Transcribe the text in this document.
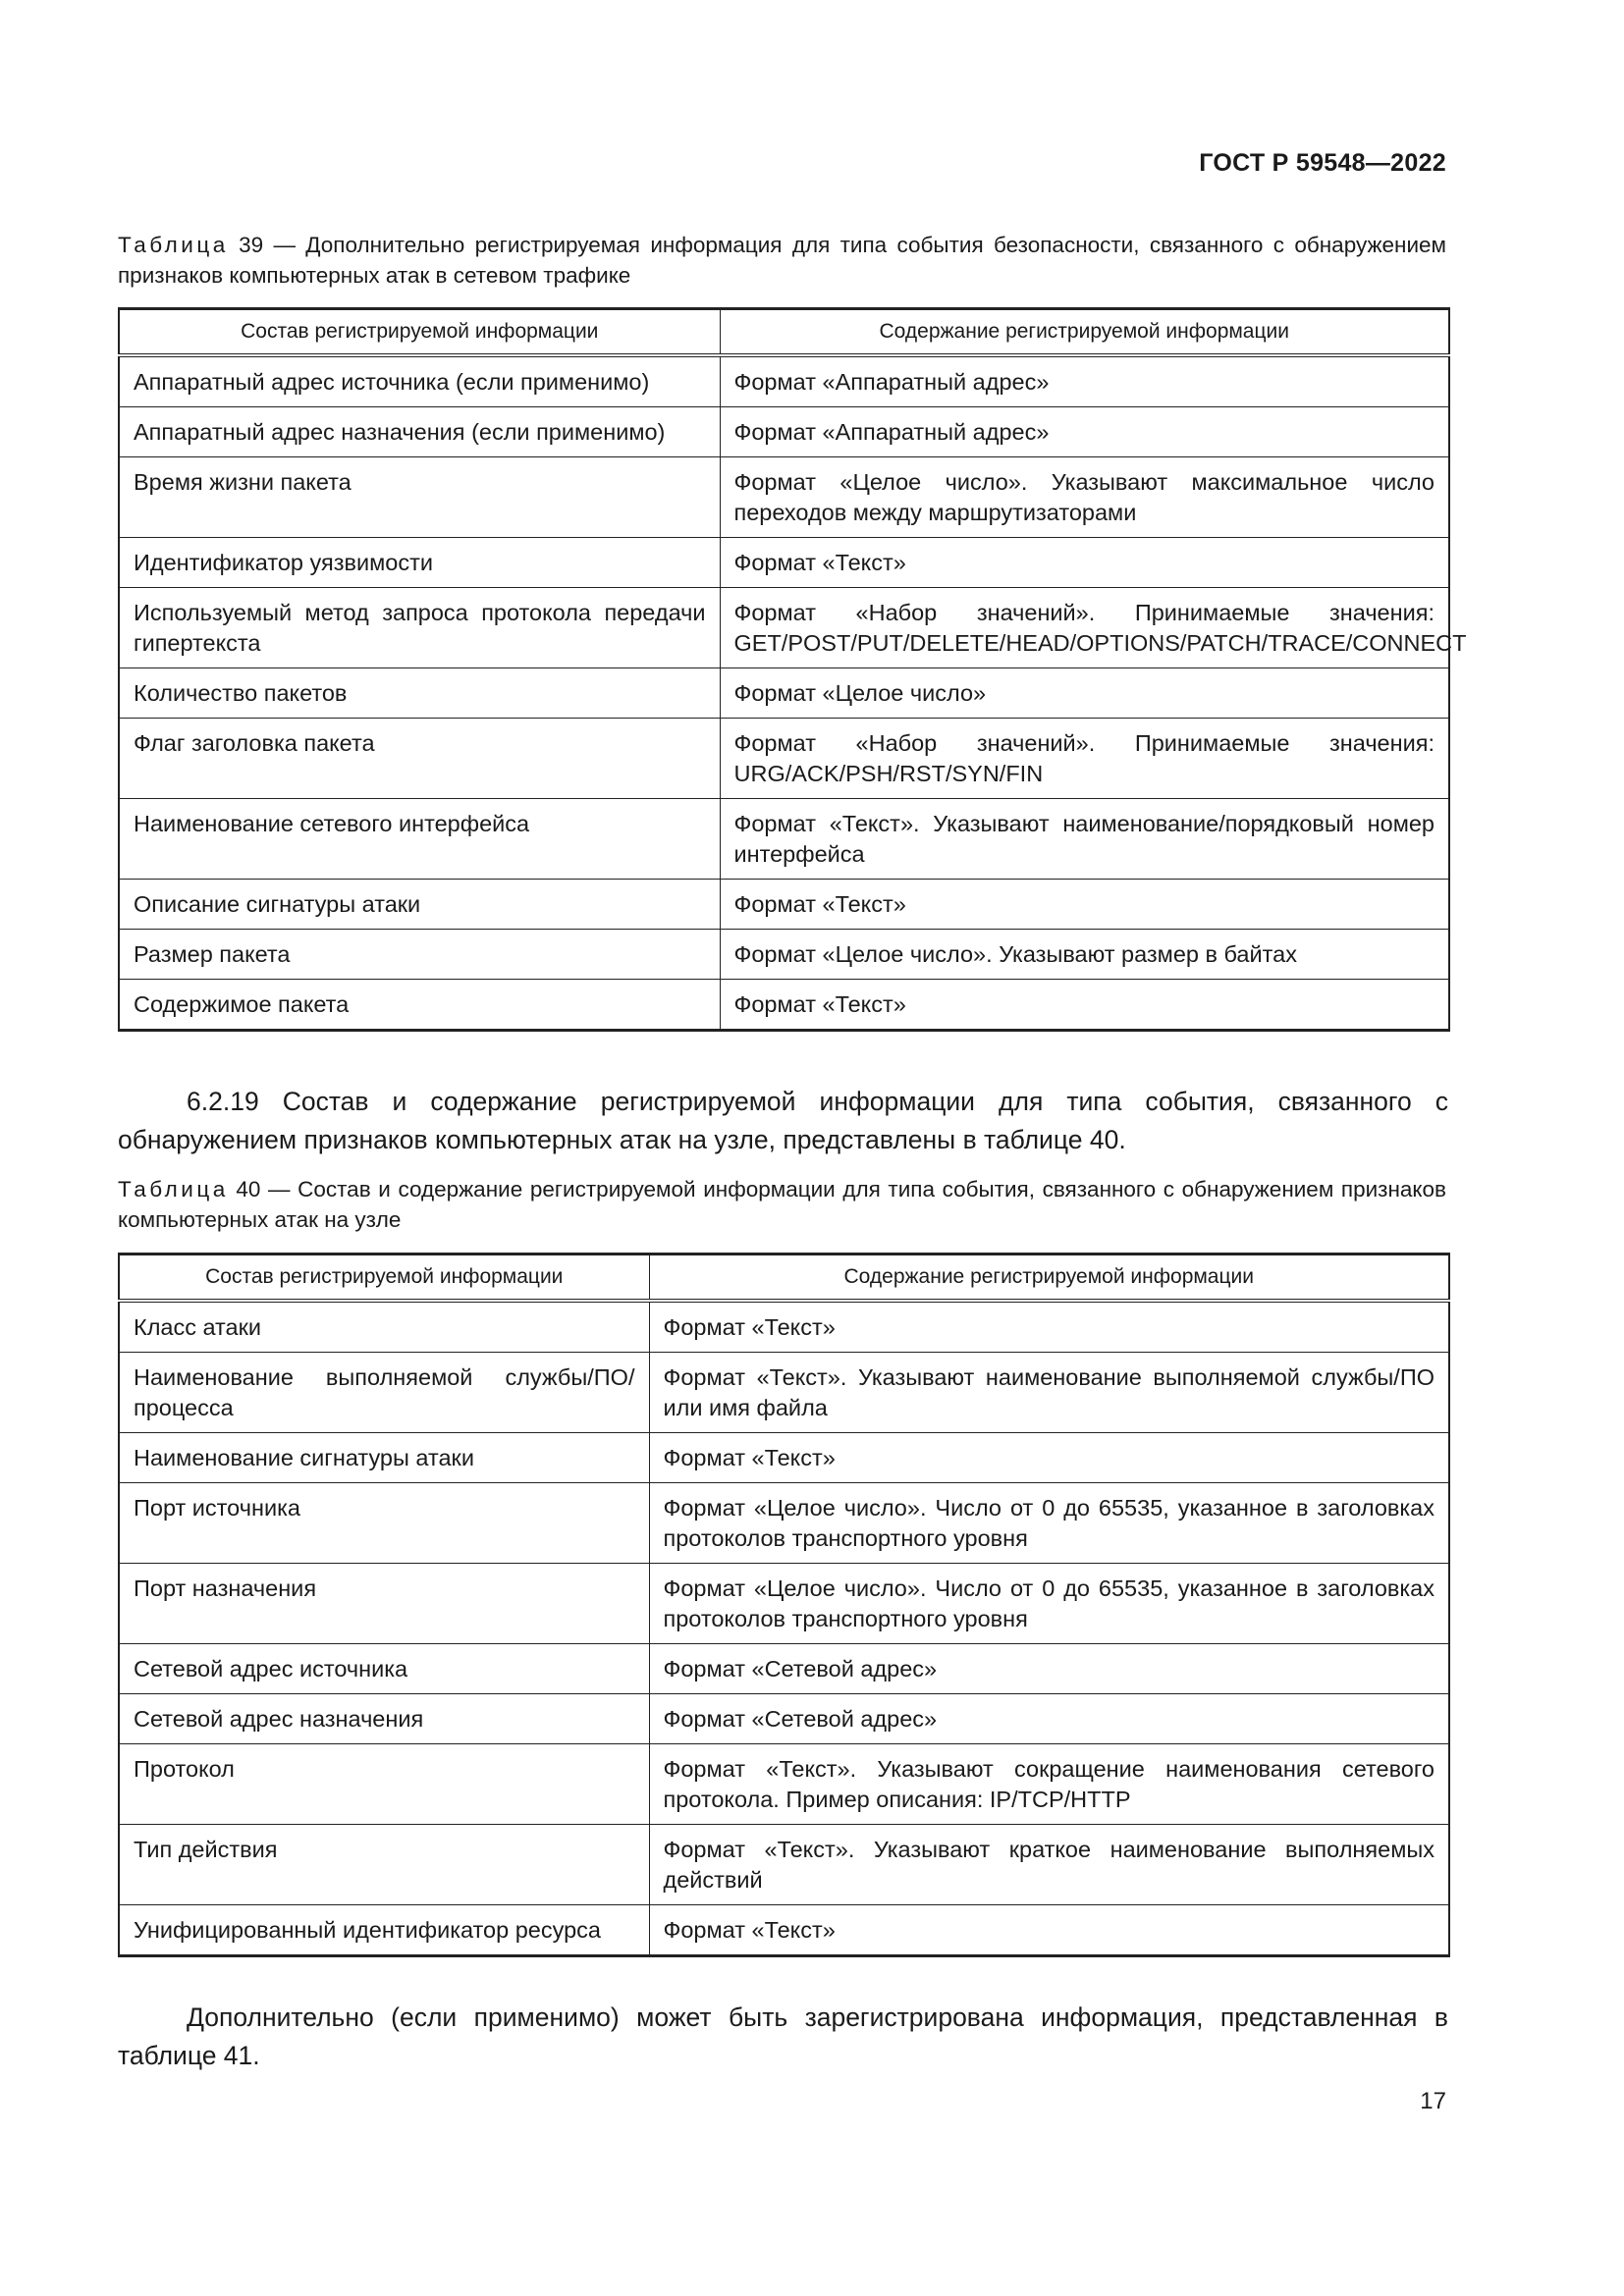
ГОСТ Р 59548—2022
Таблица 39 — Дополнительно регистрируемая информация для типа события безопасности, связанного с обнаружением признаков компьютерных атак в сетевом трафике
Состав регистрируемой информации	Содержание регистрируемой информации
Аппаратный адрес источника (если применимо)	Формат «Аппаратный адрес»
Аппаратный адрес назначения (если применимо)	Формат «Аппаратный адрес»
Время жизни пакета	Формат «Целое число». Указывают максимальное число переходов между маршрутизаторами
Идентификатор уязвимости	Формат «Текст»
Используемый метод запроса протокола передачи гипертекста	Формат «Набор значений». Принимаемые значения: GET/POST/PUT/DELETE/HEAD/OPTIONS/PATCH/TRACE/CONNECT
Количество пакетов	Формат «Целое число»
Флаг заголовка пакета	Формат «Набор значений». Принимаемые значения: URG/ACK/PSH/RST/SYN/FIN
Наименование сетевого интерфейса	Формат «Текст». Указывают наименование/порядковый номер интерфейса
Описание сигнатуры атаки	Формат «Текст»
Размер пакета	Формат «Целое число». Указывают размер в байтах
Содержимое пакета	Формат «Текст»
6.2.19 Состав и содержание регистрируемой информации для типа события, связанного с обнаружением признаков компьютерных атак на узле, представлены в таблице 40.
Таблица 40 — Состав и содержание регистрируемой информации для типа события, связанного с обнаружением признаков компьютерных атак на узле
Состав регистрируемой информации	Содержание регистрируемой информации
Класс атаки	Формат «Текст»
Наименование выполняемой службы/ПО/процесса	Формат «Текст». Указывают наименование выполняемой службы/ПО или имя файла
Наименование сигнатуры атаки	Формат «Текст»
Порт источника	Формат «Целое число». Число от 0 до 65535, указанное в заголовках протоколов транспортного уровня
Порт назначения	Формат «Целое число». Число от 0 до 65535, указанное в заголовках протоколов транспортного уровня
Сетевой адрес источника	Формат «Сетевой адрес»
Сетевой адрес назначения	Формат «Сетевой адрес»
Протокол	Формат «Текст». Указывают сокращение наименования сетевого протокола. Пример описания: IP/TCP/HTTP
Тип действия	Формат «Текст». Указывают краткое наименование выполняемых действий
Унифицированный идентификатор ресурса	Формат «Текст»
Дополнительно (если применимо) может быть зарегистрирована информация, представленная в таблице 41.
17
